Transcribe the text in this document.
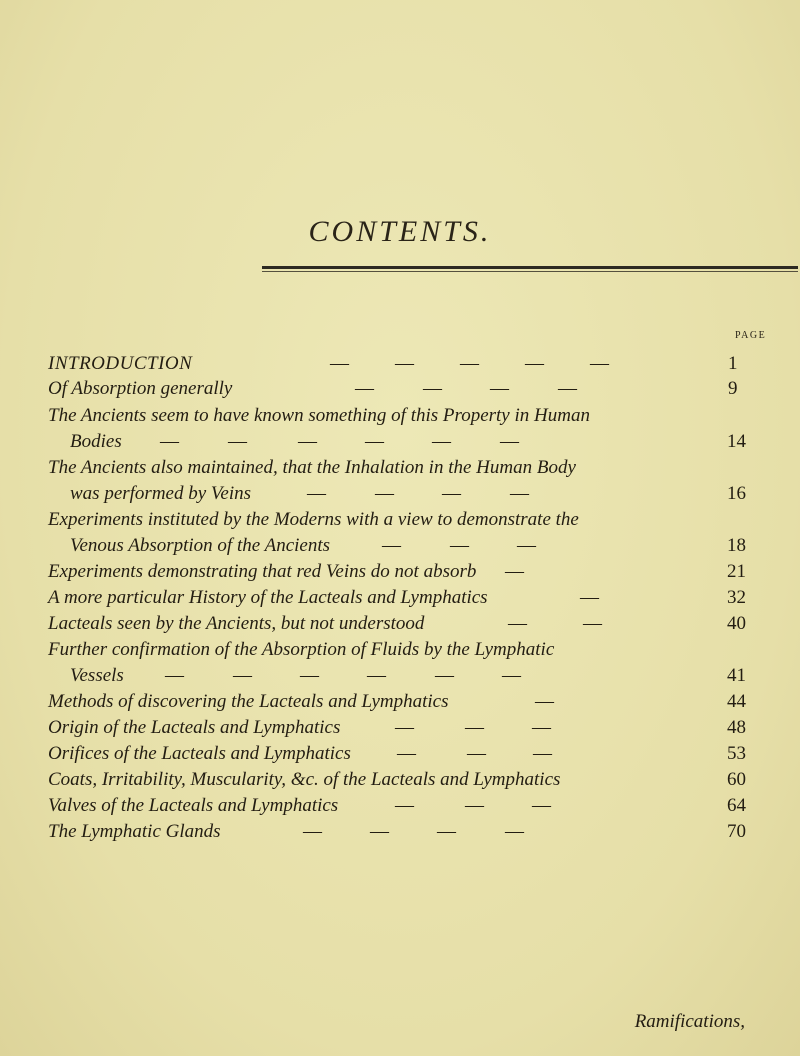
CONTENTS.
PAGE
INTRODUCTION	— — — — —	1
Of Absorption generally	—	—	—	—	9
The Ancients seem to have known something of this Property in Human
Bodies —	—	—	—	—	—	14
The Ancients also maintained, that the Inhalation in the Human Body
was performed by Veins	—	—	—	—	16
Experiments instituted by the Moderns with a view to demonstrate the
Venous Absorption of the Ancients	—	—	—	18
Experiments demonstrating that red Veins do not absorb —	21
A more particular History of the Lacteals and Lymphatics	—	32
Lacteals seen by the Ancients, but not understood	—	—	40
Further confirmation of the Absorption of Fluids by the Lymphatic
Vessels —	—	—	—	—	—	41
Methods of discovering the Lacteals and Lymphatics	—	44
Origin of the Lacteals and Lymphatics	—	—	—	48
Orifices of the Lacteals and Lymphatics —	— —	53
Coats, Irritability, Muscularity, &c. of the Lacteals and Lymphatics	60
Valves of the Lacteals and Lymphatics	—	—	—	64
The Lymphatic Glands	—	—	—	—	70
Ramifications,
